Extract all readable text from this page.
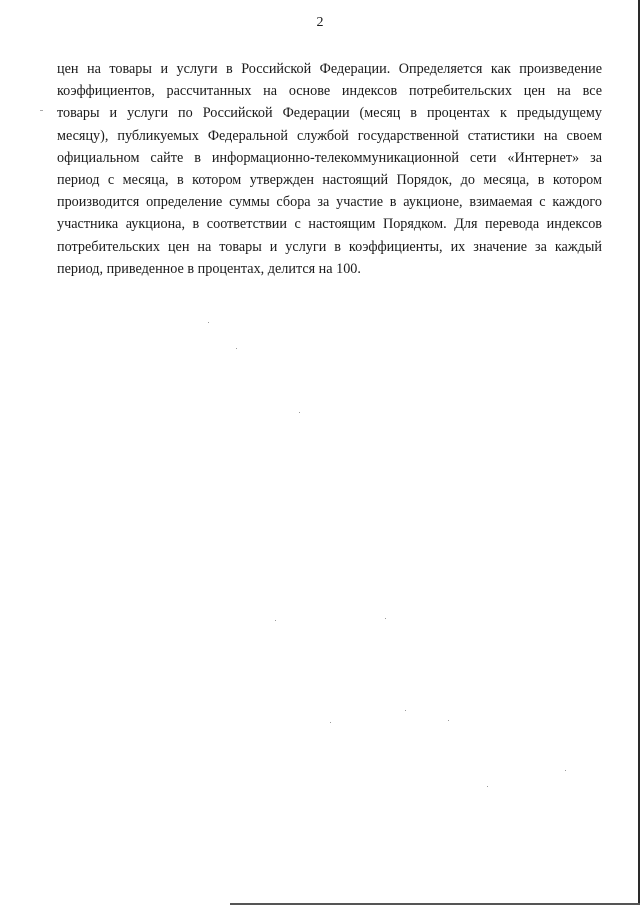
2
цен на товары и услуги в Российской Федерации. Определяется как произведение
коэффициентов, рассчитанных на основе индексов потребительских цен на все
товары и услуги по Российской Федерации (месяц в процентах к предыдущему
месяцу), публикуемых Федеральной службой государственной статистики на своем
официальном сайте в информационно-телекоммуникационной сети «Интернет» за
период с месяца, в котором утвержден настоящий Порядок, до месяца, в котором
производится определение суммы сбора за участие в аукционе, взимаемая с каждого
участника аукциона, в соответствии с настоящим Порядком. Для перевода индексов
потребительских цен на товары и услуги в коэффициенты, их значение за каждый
период, приведенное в процентах, делится на 100.
